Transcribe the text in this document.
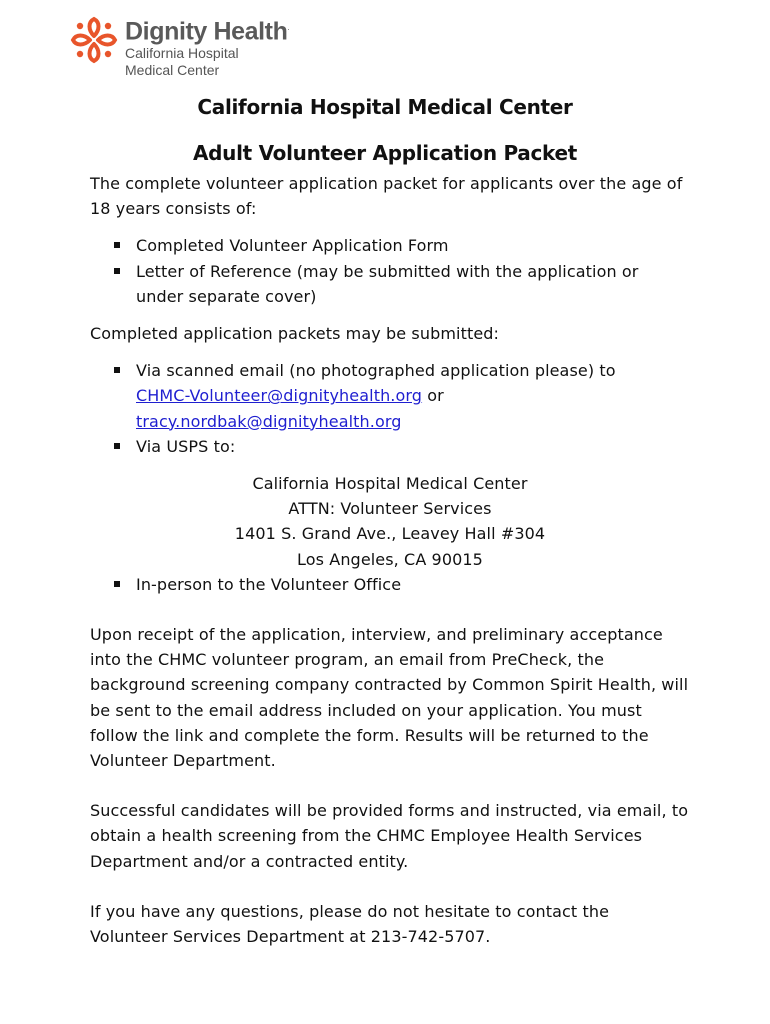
Dignity Health.
California Hospital
Medical Center
California Hospital Medical Center
Adult Volunteer Application Packet

The complete volunteer application packet for applicants over the age of 18 years consists of:

Completed Volunteer Application Form
Letter of Reference (may be submitted with the application or under separate cover)

Completed application packets may be submitted:

Via scanned email (no photographed application please) to
CHMC-Volunteer@dignityhealth.org or
tracy.nordbak@dignityhealth.org
Via USPS to:
California Hospital Medical Center
ATTN: Volunteer Services
1401 S. Grand Ave., Leavey Hall #304
Los Angeles, CA 90015
In-person to the Volunteer Office

Upon receipt of the application, interview, and preliminary acceptance into the CHMC volunteer program, an email from PreCheck, the background screening company contracted by Common Spirit Health, will be sent to the email address included on your application. You must follow the link and complete the form. Results will be returned to the Volunteer Department.

Successful candidates will be provided forms and instructed, via email, to obtain a health screening from the CHMC Employee Health Services Department and/or a contracted entity.

If you have any questions, please do not hesitate to contact the Volunteer Services Department at 213-742-5707.
